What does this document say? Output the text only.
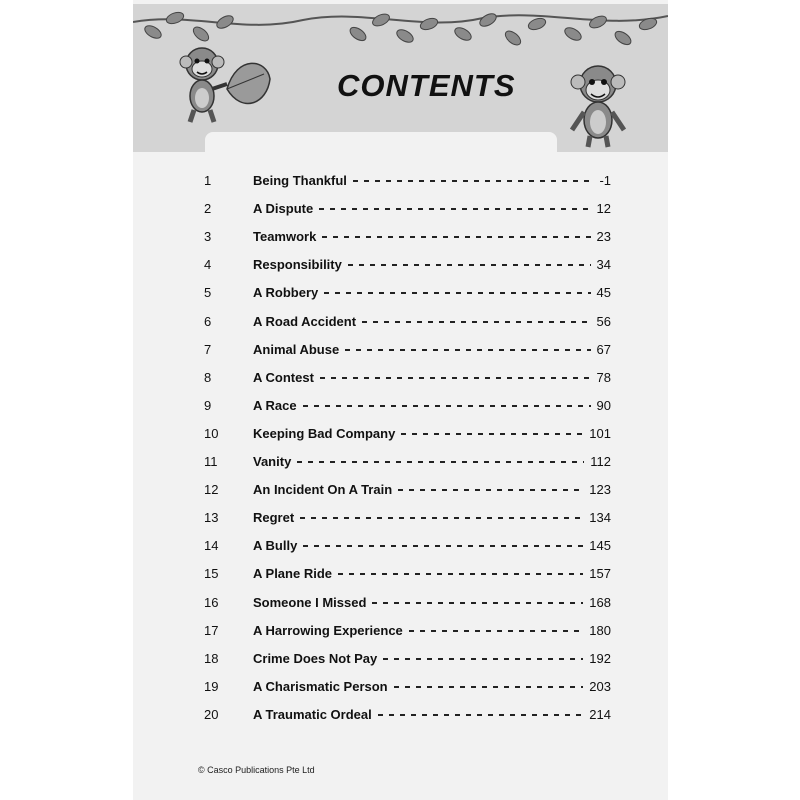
CONTENTS
1	Being Thankful	-1
2	A Dispute	12
3	Teamwork	23
4	Responsibility	34
5	A Robbery	45
6	A Road Accident	56
7	Animal Abuse	67
8	A Contest	78
9	A Race	90
10	Keeping Bad Company	101
11	Vanity	112
12	An Incident On A Train	123
13	Regret	134
14	A Bully	145
15	A Plane Ride	157
16	Someone I Missed	168
17	A Harrowing Experience	180
18	Crime Does Not Pay	192
19	A Charismatic Person	203
20	A Traumatic Ordeal	214
© Casco Publications Pte Ltd
